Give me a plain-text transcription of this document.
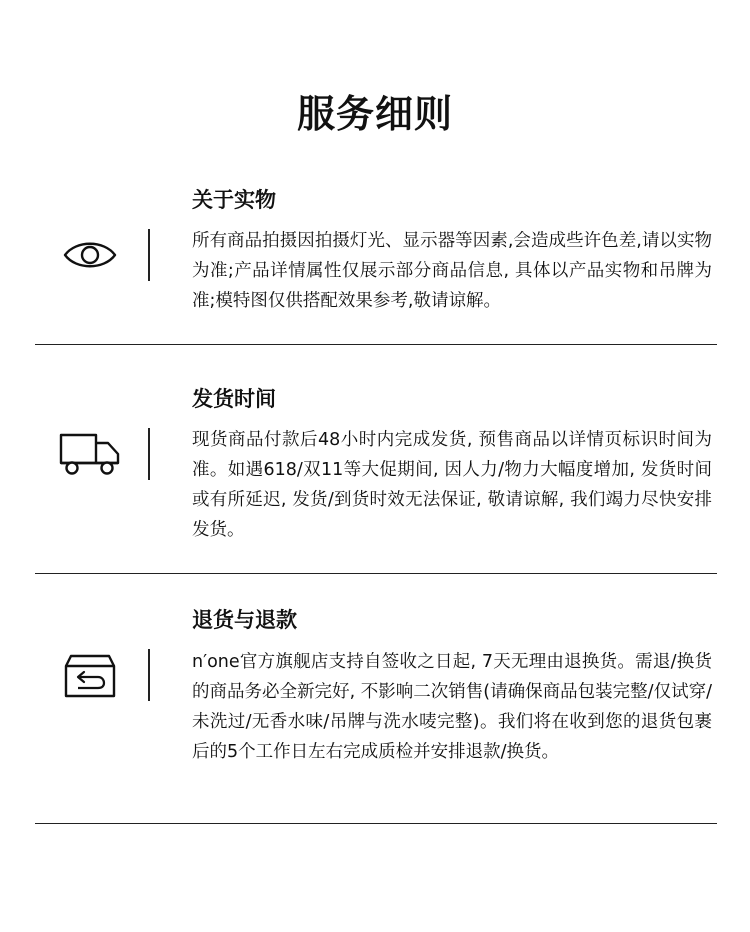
服务细则
关于实物
所有商品拍摄因拍摄灯光、显示器等因素,会造成些许色差,请以实物为准;产品详情属性仅展示部分商品信息, 具体以产品实物和吊牌为准;模特图仅供搭配效果参考,敬请谅解。
发货时间
现货商品付款后48小时内完成发货, 预售商品以详情页标识时间为准。如遇618/双11等大促期间, 因人力/物力大幅度增加, 发货时间或有所延迟, 发货/到货时效无法保证, 敬请谅解, 我们竭力尽快安排发货。
退货与退款
n′one官方旗舰店支持自签收之日起, 7天无理由退换货。需退/换货的商品务必全新完好, 不影响二次销售(请确保商品包装完整/仅试穿/未洗过/无香水味/吊牌与洗水唛完整)。我们将在收到您的退货包裹后的5个工作日左右完成质检并安排退款/换货。
